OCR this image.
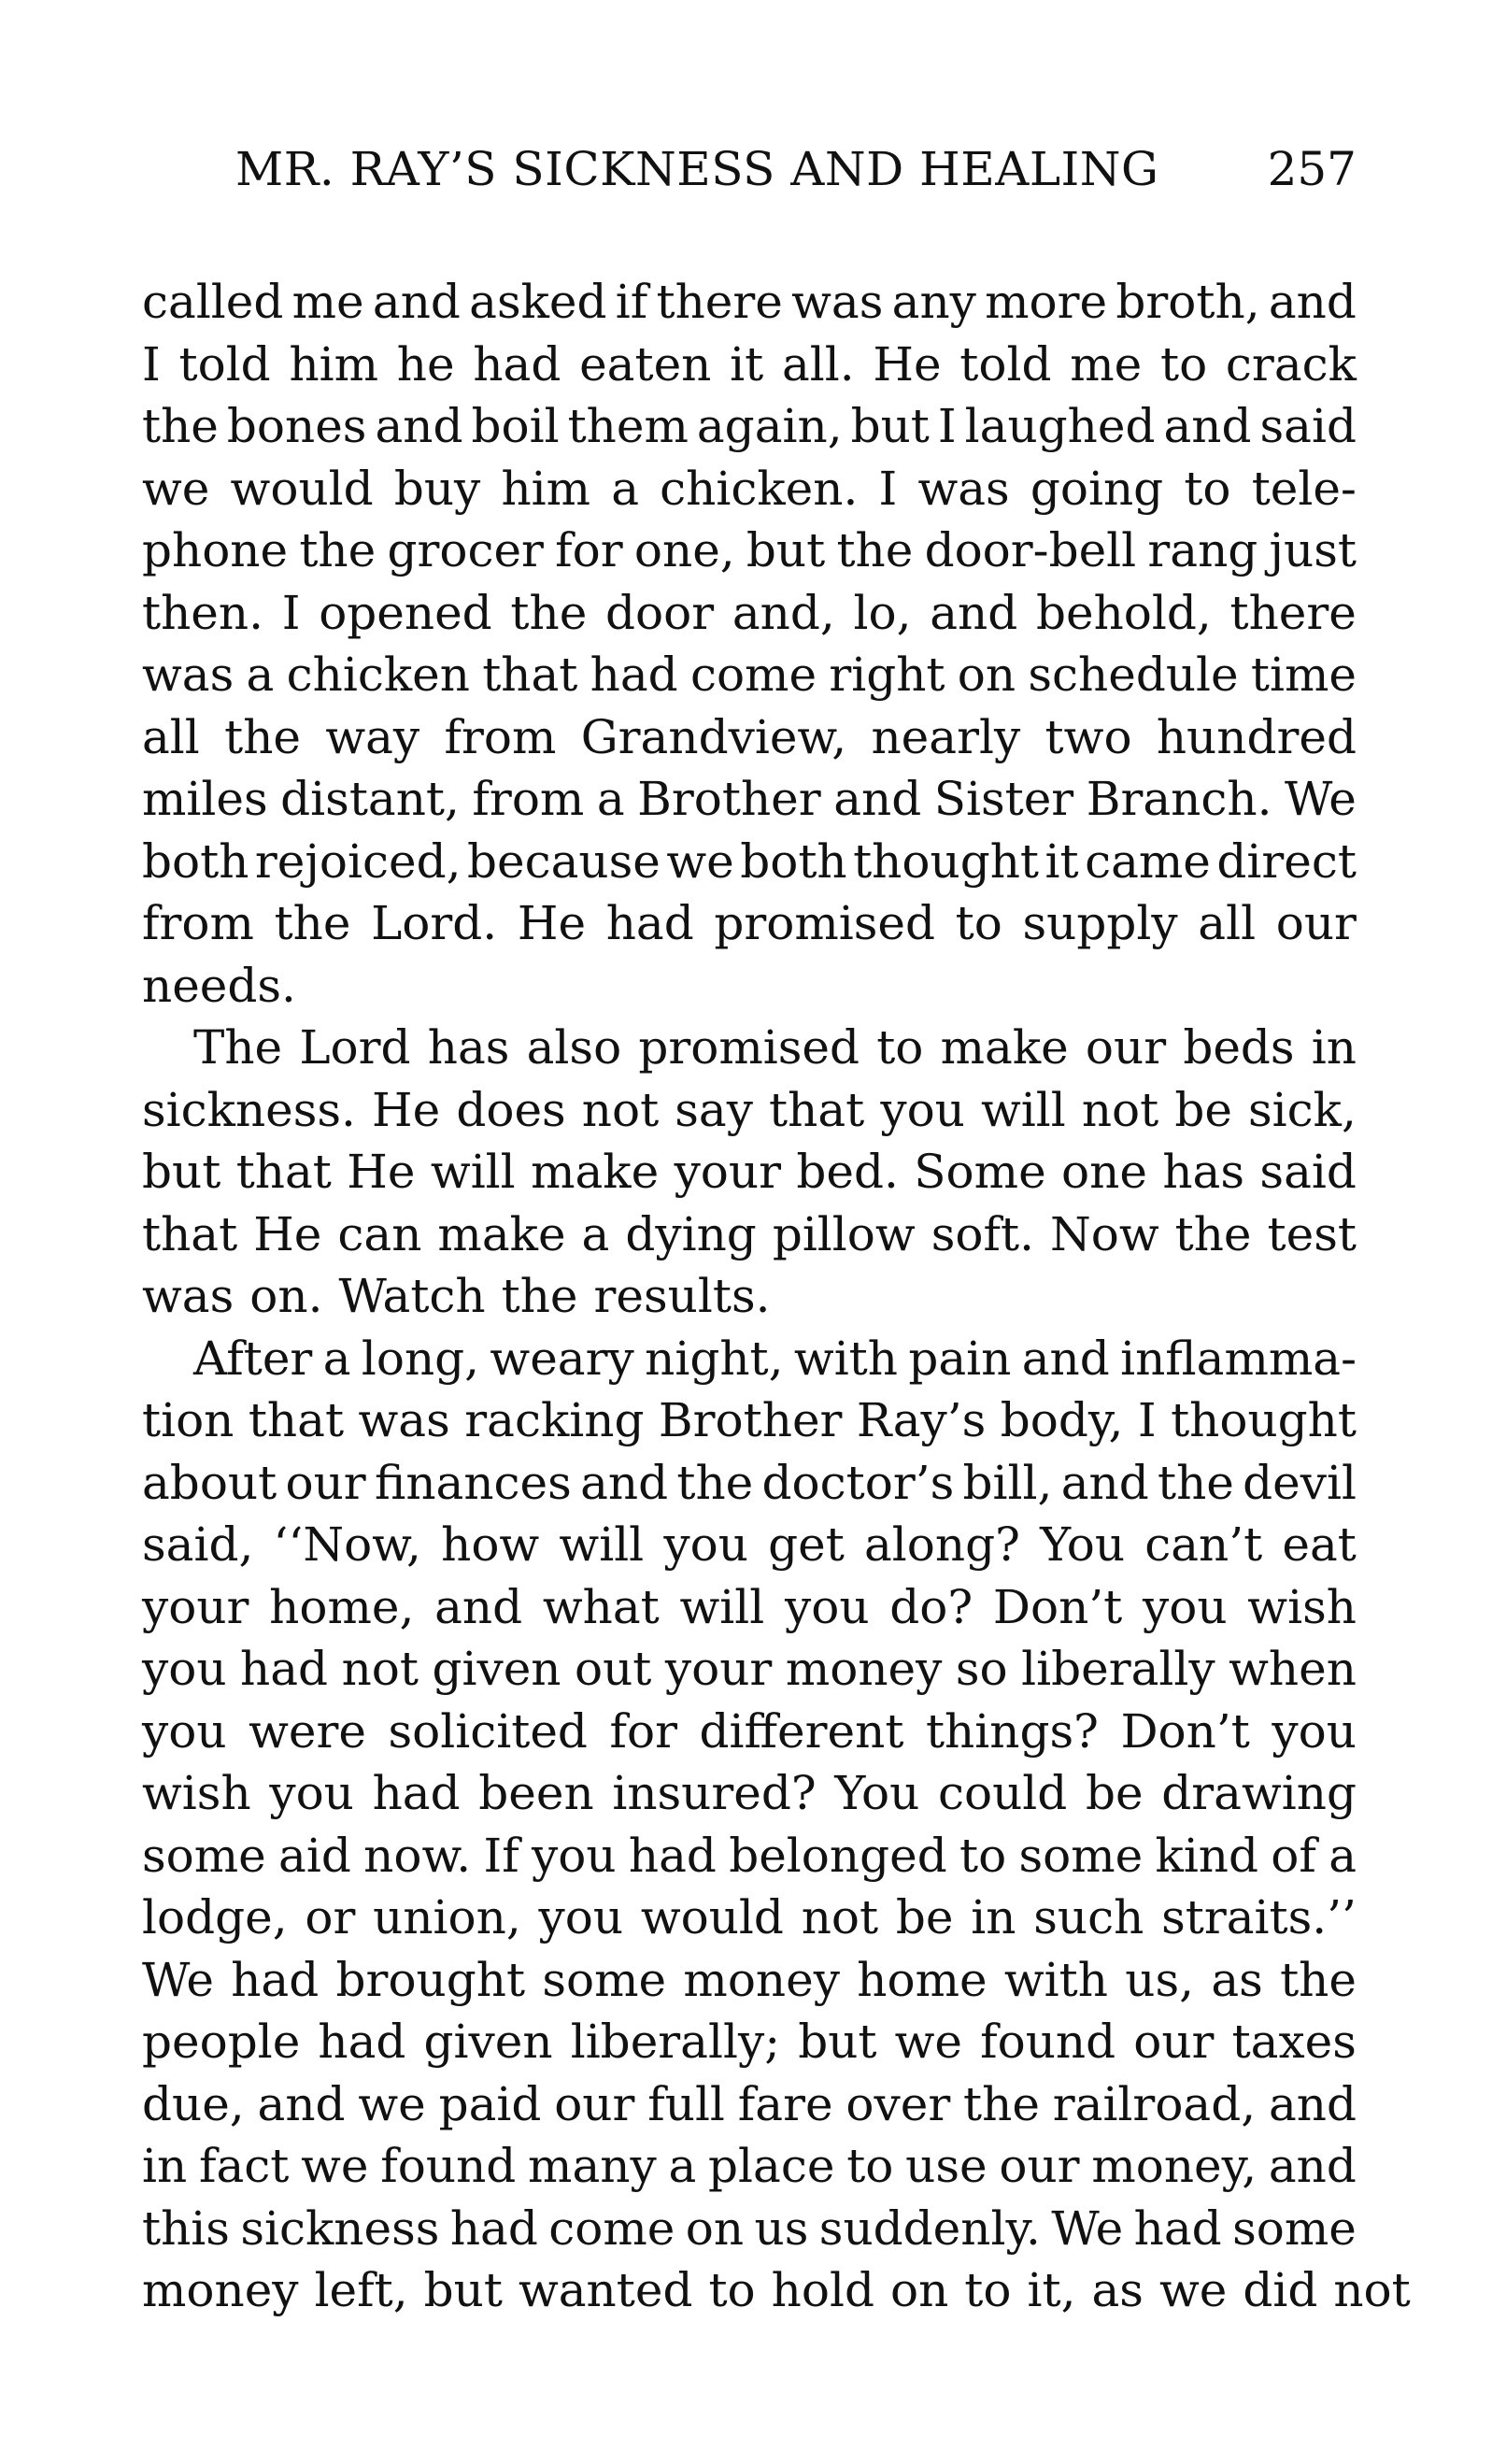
MR. RAY’S SICKNESS AND HEALING 257
called me and asked if there was any more broth, and
I told him he had eaten it all. He told me to crack
the bones and boil them again, but I laughed and said
we would buy him a chicken. I was going to tele-
phone the grocer for one, but the door-bell rang just
then. I opened the door and, lo, and behold, there
was a chicken that had come right on schedule time
all the way from Grandview, nearly two hundred
miles distant, from a Brother and Sister Branch. We
both rejoiced, because we both thought it came direct
from the Lord. He had promised to supply all our
needs.
The Lord has also promised to make our beds in
sickness. He does not say that you will not be sick,
but that He will make your bed. Some one has said
that He can make a dying pillow soft. Now the test
was on. Watch the results.
After a long, weary night, with pain and inflamma-
tion that was racking Brother Ray’s body, I thought
about our finances and the doctor’s bill, and the devil
said, ‘‘Now, how will you get along? You can’t eat
your home, and what will you do? Don’t you wish
you had not given out your money so liberally when
you were solicited for different things? Don’t you
wish you had been insured? You could be drawing
some aid now. If you had belonged to some kind of a
lodge, or union, you would not be in such straits.’’
We had brought some money home with us, as the
people had given liberally; but we found our taxes
due, and we paid our full fare over the railroad, and
in fact we found many a place to use our money, and
this sickness had come on us suddenly. We had some
money left, but wanted to hold on to it, as we did not
